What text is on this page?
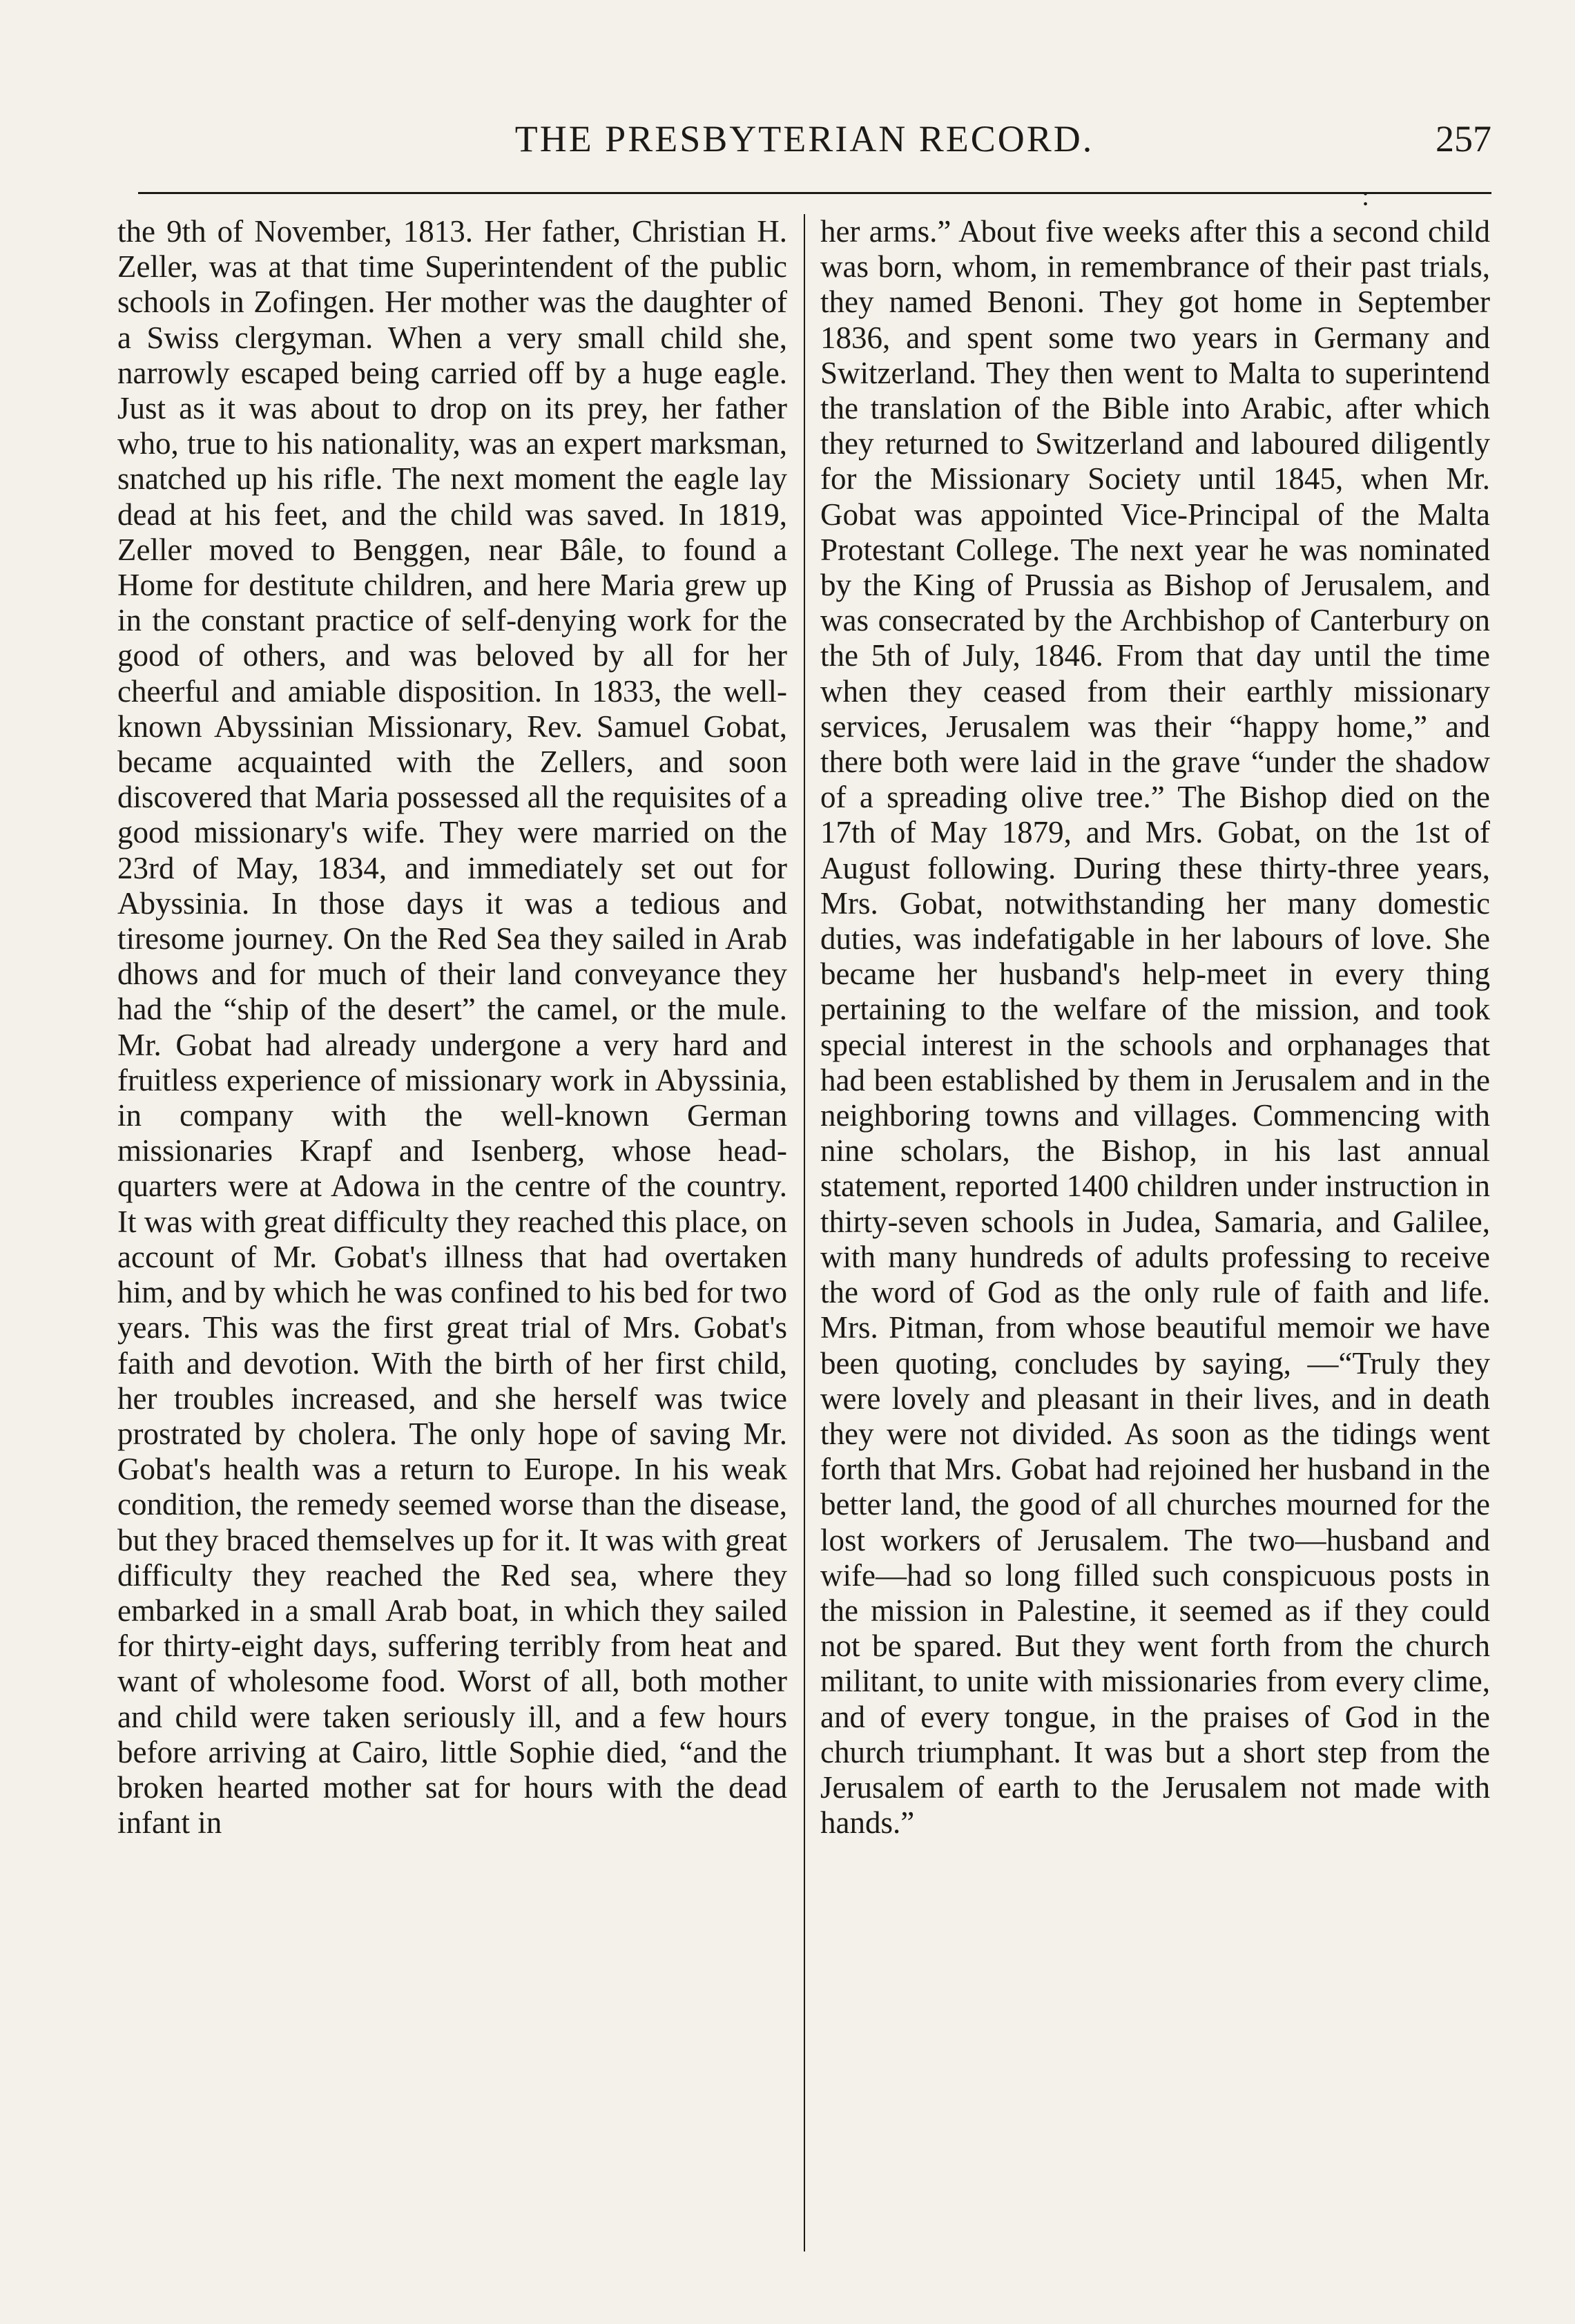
THE PRESBYTERIAN RECORD.	257
:

the 9th of November, 1813. Her father, Christian H. Zeller, was at that time Superintendent of the public schools in Zofingen. Her mother was the daughter of a Swiss clergyman. When a very small child she, narrowly escaped being carried off by a huge eagle. Just as it was about to drop on its prey, her father who, true to his nationality, was an expert marksman, snatched up his rifle. The next moment the eagle lay dead at his feet, and the child was saved. In 1819, Zeller moved to Benggen, near Bâle, to found a Home for destitute children, and here Maria grew up in the constant practice of self-denying work for the good of others, and was beloved by all for her cheerful and amiable disposition. In 1833, the well-known Abyssinian Missionary, Rev. Samuel Gobat, became acquainted with the Zellers, and soon discovered that Maria possessed all the requisites of a good missionary's wife. They were married on the 23rd of May, 1834, and immediately set out for Abyssinia. In those days it was a tedious and tiresome journey. On the Red Sea they sailed in Arab dhows and for much of their land conveyance they had the “ship of the desert” the camel, or the mule. Mr. Gobat had already undergone a very hard and fruitless experience of missionary work in Abyssinia, in company with the well-known German missionaries Krapf and Isenberg, whose head-quarters were at Adowa in the centre of the country. It was with great difficulty they reached this place, on account of Mr. Gobat's illness that had overtaken him, and by which he was confined to his bed for two years. This was the first great trial of Mrs. Gobat's faith and devotion. With the birth of her first child, her troubles increased, and she herself was twice prostrated by cholera. The only hope of saving Mr. Gobat's health was a return to Europe. In his weak condition, the remedy seemed worse than the disease, but they braced themselves up for it. It was with great difficulty they reached the Red sea, where they embarked in a small Arab boat, in which they sailed for thirty-eight days, suffering terribly from heat and want of wholesome food. Worst of all, both mother and child were taken seriously ill, and a few hours before arriving at Cairo, little Sophie died, “and the broken hearted mother sat for hours with the dead infant in

her arms.” About five weeks after this a second child was born, whom, in remembrance of their past trials, they named Benoni. They got home in September 1836, and spent some two years in Germany and Switzerland. They then went to Malta to superintend the translation of the Bible into Arabic, after which they returned to Switzerland and laboured diligently for the Missionary Society until 1845, when Mr. Gobat was appointed Vice-Principal of the Malta Protestant College. The next year he was nominated by the King of Prussia as Bishop of Jerusalem, and was consecrated by the Archbishop of Canterbury on the 5th of July, 1846. From that day until the time when they ceased from their earthly missionary services, Jerusalem was their “happy home,” and there both were laid in the grave “under the shadow of a spreading olive tree.” The Bishop died on the 17th of May 1879, and Mrs. Gobat, on the 1st of August following. During these thirty-three years, Mrs. Gobat, notwithstanding her many domestic duties, was indefatigable in her labours of love. She became her husband's help-meet in every thing pertaining to the welfare of the mission, and took special interest in the schools and orphanages that had been established by them in Jerusalem and in the neighboring towns and villages. Commencing with nine scholars, the Bishop, in his last annual statement, reported 1400 children under instruction in thirty-seven schools in Judea, Samaria, and Galilee, with many hundreds of adults professing to receive the word of God as the only rule of faith and life. Mrs. Pitman, from whose beautiful memoir we have been quoting, concludes by saying, —“Truly they were lovely and pleasant in their lives, and in death they were not divided. As soon as the tidings went forth that Mrs. Gobat had rejoined her husband in the better land, the good of all churches mourned for the lost workers of Jerusalem. The two—husband and wife—had so long filled such conspicuous posts in the mission in Palestine, it seemed as if they could not be spared. But they went forth from the church militant, to unite with missionaries from every clime, and of every tongue, in the praises of God in the church triumphant. It was but a short step from the Jerusalem of earth to the Jerusalem not made with hands.”
